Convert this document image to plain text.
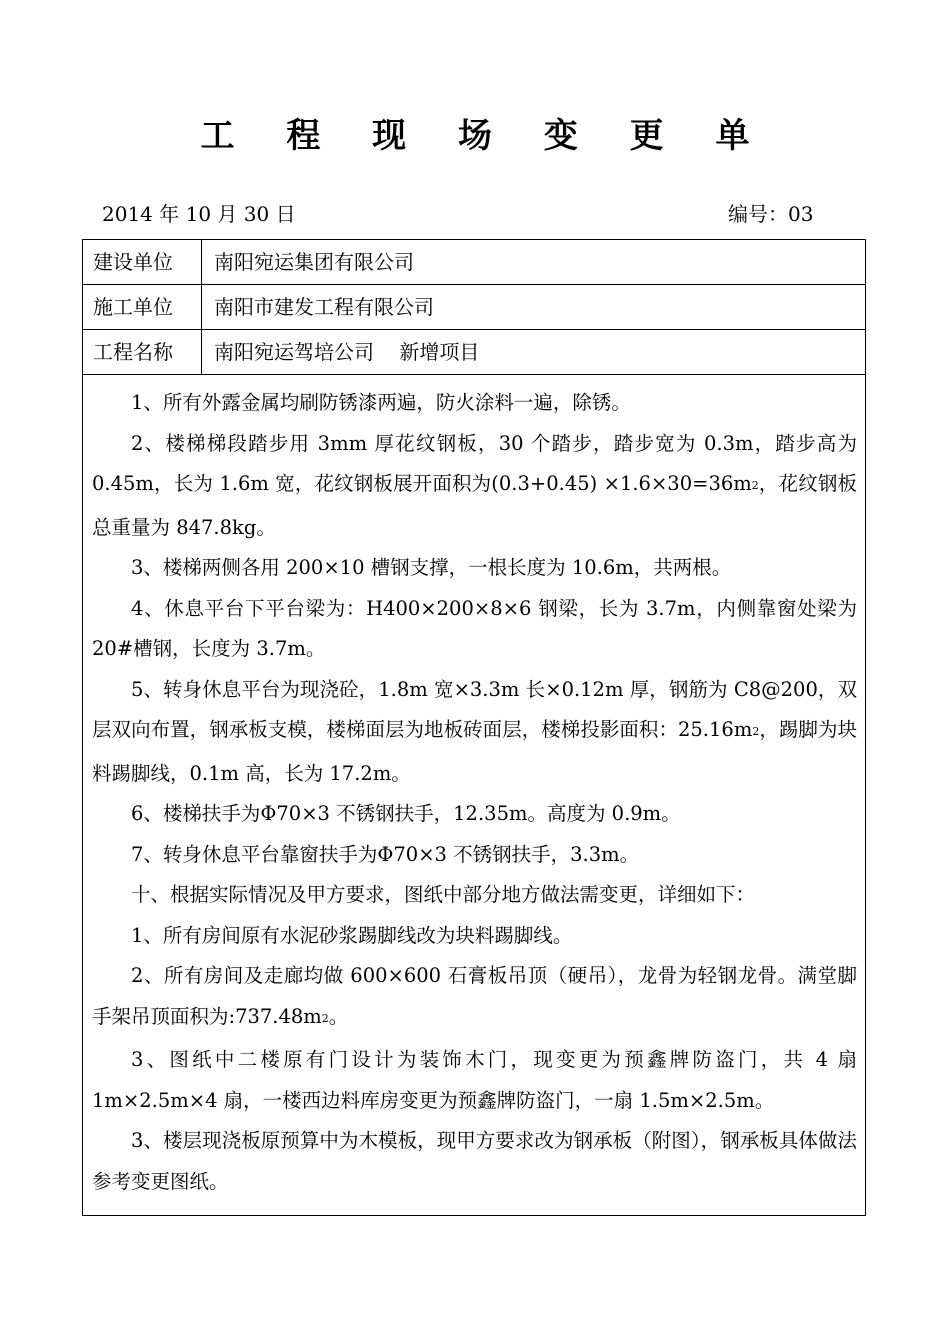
工 程 现 场 变 更 单
2014 年 10 月 30 日	编号：03
建设单位	南阳宛运集团有限公司
施工单位	南阳市建发工程有限公司
工程名称	南阳宛运驾培公司    新增项目

1、所有外露金属均刷防锈漆两遍，防火涂料一遍，除锈。

2、楼梯梯段踏步用 3mm 厚花纹钢板，30 个踏步，踏步宽为 0.3m，踏步高为 0.45m，长为 1.6m 宽，花纹钢板展开面积为$(0.3+0.45) \times 1.6\times 30=36m^2$，花纹钢板总重量为 847.8kg。

3、楼梯两侧各用 200×10 槽钢支撑，一根长度为 10.6m，共两根。

4、休息平台下平台梁为：H400×200×8×6 钢梁，长为 3.7m，内侧靠窗处梁为 20#槽钢，长度为 3.7m。

5、转身休息平台为现浇砼，1.8m 宽×3.3m 长×0.12m 厚，钢筋为 C8@200，双层双向布置，钢承板支模，楼梯面层为地板砖面层，楼梯投影面积：$25.16m^2$，踢脚为块料踢脚线，0.1m 高，长为 17.2m。

6、楼梯扶手为Φ70×3 不锈钢扶手，12.35m。高度为 0.9m。

7、转身休息平台靠窗扶手为Φ70×3 不锈钢扶手，3.3m。

十、根据实际情况及甲方要求，图纸中部分地方做法需变更，详细如下：

1、所有房间原有水泥砂浆踢脚线改为块料踢脚线。

2、所有房间及走廊均做 600×600 石膏板吊顶（硬吊），龙骨为轻钢龙骨。满堂脚手架吊顶面积为$:737.48m^2$。

3、图纸中二楼原有门设计为装饰木门，现变更为预鑫牌防盗门，共 4 扇 1m×2.5m×4 扇，一楼西边料库房变更为预鑫牌防盗门，一扇 1.5m×2.5m。

3、楼层现浇板原预算中为木模板，现甲方要求改为钢承板（附图），钢承板具体做法参考变更图纸。
